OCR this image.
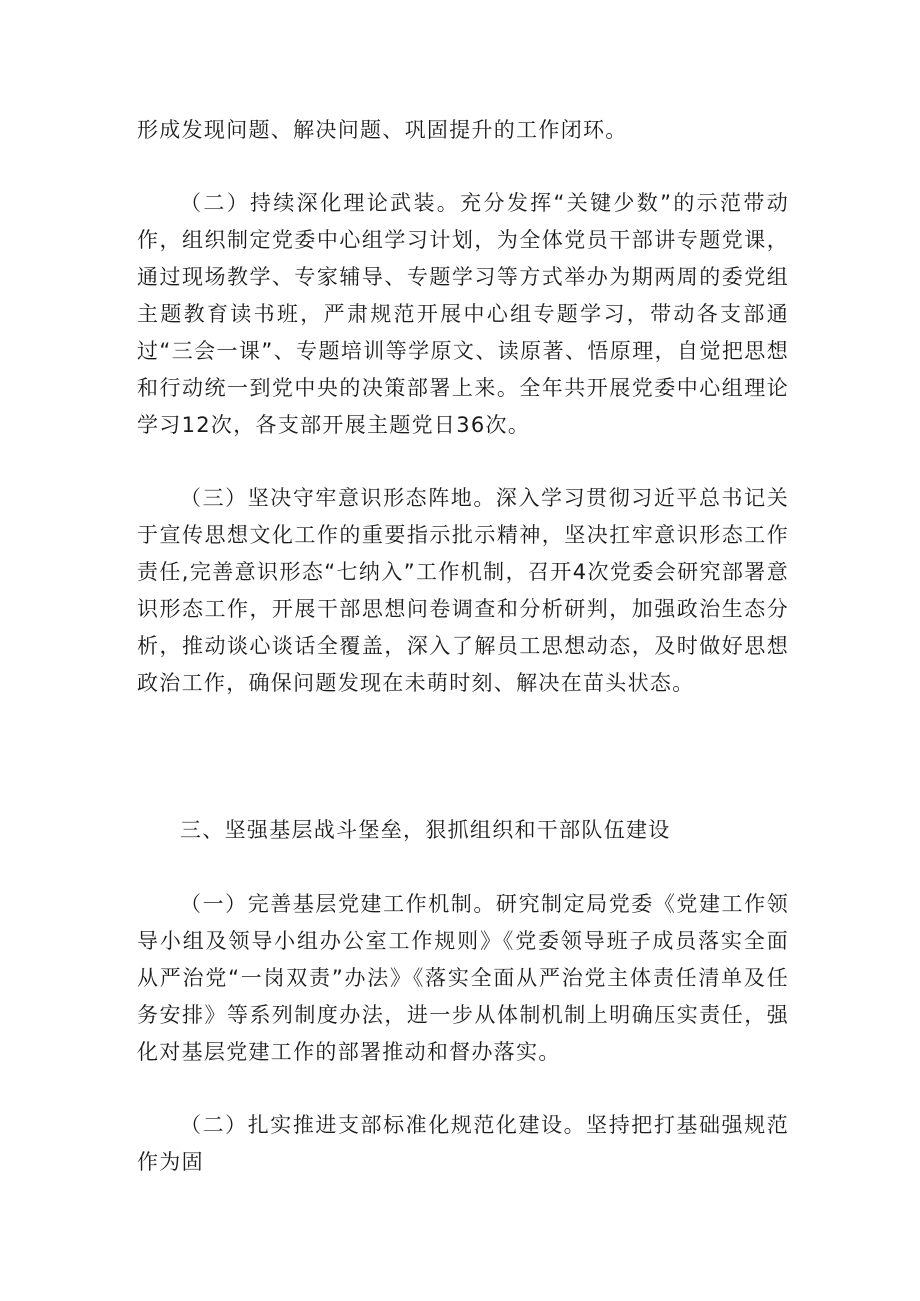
形成发现问题、解决问题、巩固提升的工作闭环。

（二）持续深化理论武装。充分发挥“关键少数”的示范带动作，组织制定党委中心组学习计划，为全体党员干部讲专题党课，通过现场教学、专家辅导、专题学习等方式举办为期两周的委党组主题教育读书班，严肃规范开展中心组专题学习，带动各支部通过“三会一课”、专题培训等学原文、读原著、悟原理，自觉把思想和行动统一到党中央的决策部署上来。全年共开展党委中心组理论学习12次，各支部开展主题党日36次。

（三）坚决守牢意识形态阵地。深入学习贯彻习近平总书记关于宣传思想文化工作的重要指示批示精神，坚决扛牢意识形态工作责任,完善意识形态“七纳入”工作机制，召开4次党委会研究部署意识形态工作，开展干部思想问卷调查和分析研判，加强政治生态分析，推动谈心谈话全覆盖，深入了解员工思想动态，及时做好思想政治工作，确保问题发现在未萌时刻、解决在苗头状态。

三、坚强基层战斗堡垒，狠抓组织和干部队伍建设

（一）完善基层党建工作机制。研究制定局党委《党建工作领导小组及领导小组办公室工作规则》《党委领导班子成员落实全面从严治党“一岗双责”办法》《落实全面从严治党主体责任清单及任务安排》等系列制度办法，进一步从体制机制上明确压实责任，强化对基层党建工作的部署推动和督办落实。

（二）扎实推进支部标准化规范化建设。坚持把打基础强规范作为固
